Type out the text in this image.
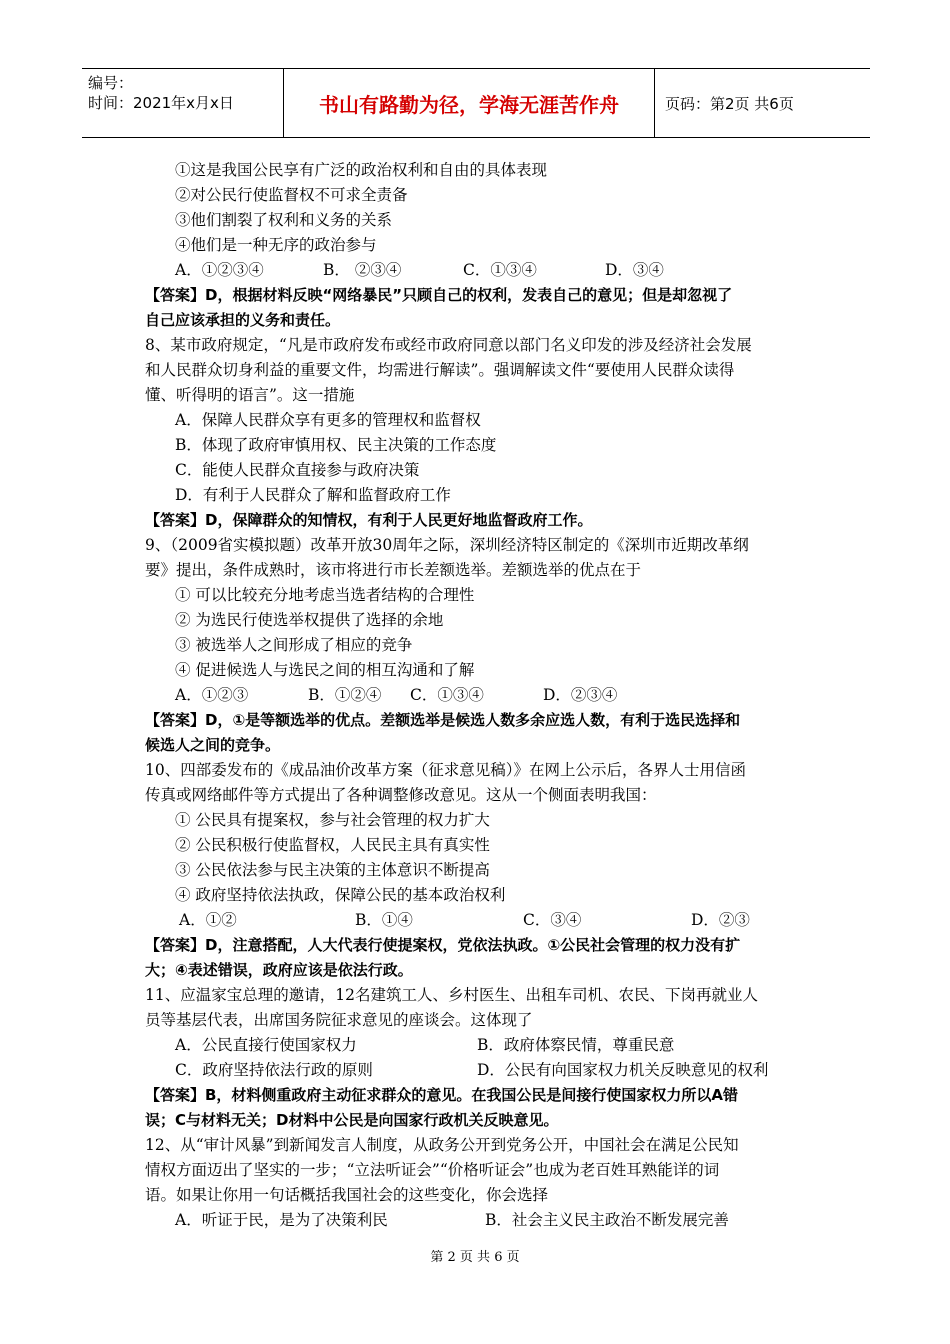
编号：
时间：2021年x月x日	书山有路勤为径，学海无涯苦作舟	页码：第2页 共6页
①这是我国公民享有广泛的政治权利和自由的具体表现
②对公民行使监督权不可求全责备
③他们割裂了权利和义务的关系
④他们是一种无序的政治参与
A．①②③④	B． ②③④	C．①③④	D．③④
【答案】D，根据材料反映“网络暴民”只顾自己的权利，发表自己的意见；但是却忽视了
自己应该承担的义务和责任。
8、某市政府规定，“凡是市政府发布或经市政府同意以部门名义印发的涉及经济社会发展
和人民群众切身利益的重要文件，均需进行解读”。强调解读文件“要使用人民群众读得
懂、听得明的语言”。这一措施
A．保障人民群众享有更多的管理权和监督权
B．体现了政府审慎用权、民主决策的工作态度
C．能使人民群众直接参与政府决策
D．有利于人民群众了解和监督政府工作
【答案】D，保障群众的知情权，有利于人民更好地监督政府工作。
9、（2009省实模拟题）改革开放30周年之际，深圳经济特区制定的《深圳市近期改革纲
要》提出，条件成熟时，该市将进行市长差额选举。差额选举的优点在于
① 可以比较充分地考虑当选者结构的合理性
② 为选民行使选举权提供了选择的余地
③ 被选举人之间形成了相应的竞争
④ 促进候选人与选民之间的相互沟通和了解
A．①②③	B．①②④	C．①③④	D．②③④
【答案】D，①是等额选举的优点。差额选举是候选人数多余应选人数，有利于选民选择和
候选人之间的竞争。
10、四部委发布的《成品油价改革方案（征求意见稿）》在网上公示后，各界人士用信函
传真或网络邮件等方式提出了各种调整修改意见。这从一个侧面表明我国：
① 公民具有提案权，参与社会管理的权力扩大
② 公民积极行使监督权，人民民主具有真实性
③ 公民依法参与民主决策的主体意识不断提高
④ 政府坚持依法执政，保障公民的基本政治权利
A．①②	B．①④	C．③④	D．②③
【答案】D，注意搭配，人大代表行使提案权，党依法执政。①公民社会管理的权力没有扩
大；④表述错误，政府应该是依法行政。
11、应温家宝总理的邀请，12名建筑工人、乡村医生、出租车司机、农民、下岗再就业人
员等基层代表，出席国务院征求意见的座谈会。这体现了
A．公民直接行使国家权力	B．政府体察民情，尊重民意
C．政府坚持依法行政的原则	D．公民有向国家权力机关反映意见的权利
【答案】B，材料侧重政府主动征求群众的意见。在我国公民是间接行使国家权力所以A错
误；C与材料无关；D材料中公民是向国家行政机关反映意见。
12、从“审计风暴”到新闻发言人制度，从政务公开到党务公开，中国社会在满足公民知
情权方面迈出了坚实的一步；“立法听证会”“价格听证会”也成为老百姓耳熟能详的词
语。如果让你用一句话概括我国社会的这些变化，你会选择
A．听证于民，是为了决策利民	B．社会主义民主政治不断发展完善
第 2 页 共 6 页
